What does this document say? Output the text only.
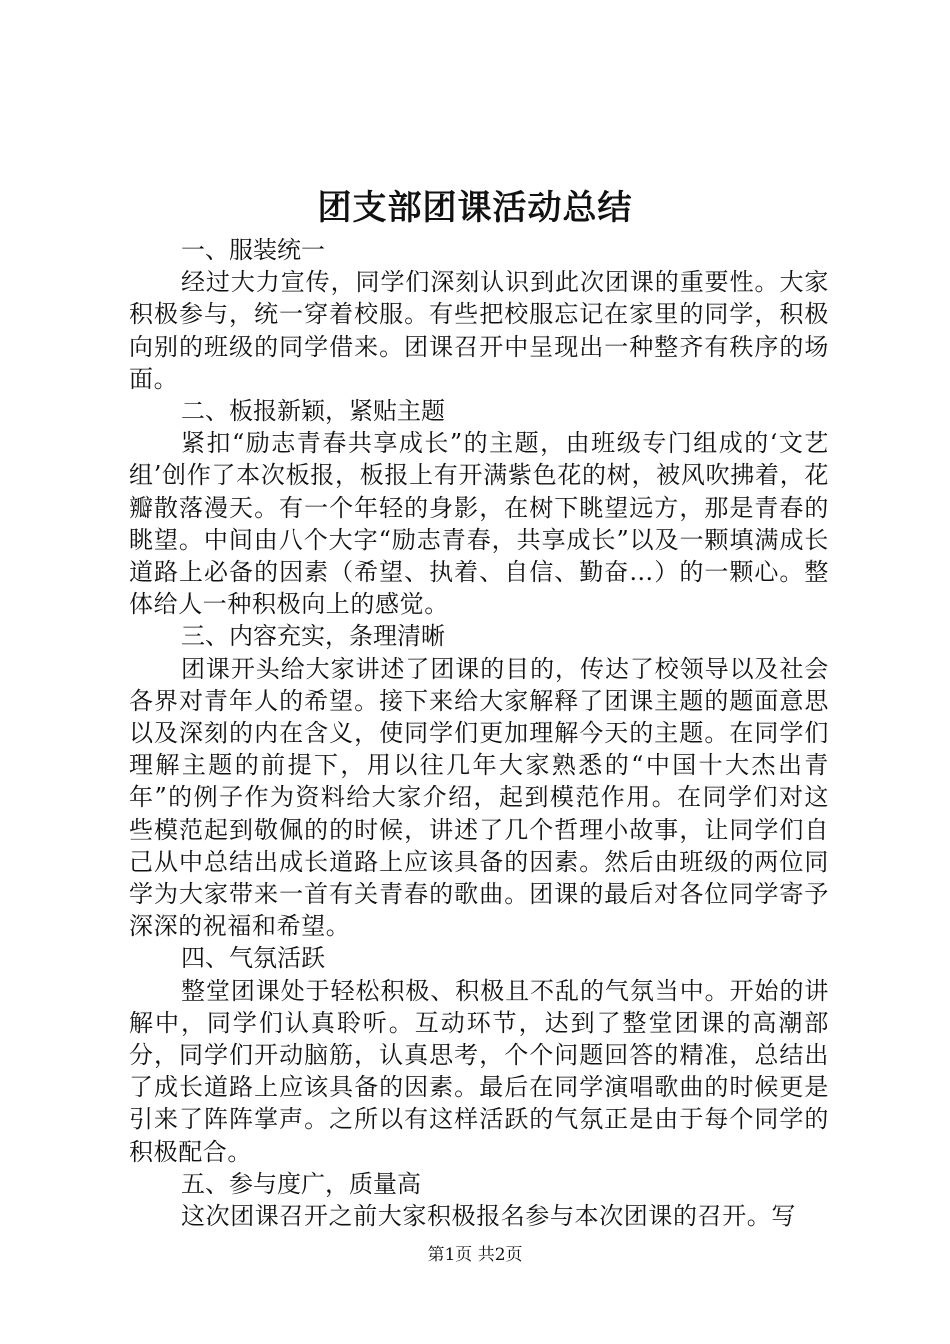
团支部团课活动总结

一、服装统一

经过大力宣传，同学们深刻认识到此次团课的重要性。大家积极参与，统一穿着校服。有些把校服忘记在家里的同学，积极向别的班级的同学借来。团课召开中呈现出一种整齐有秩序的场面。

二、板报新颖，紧贴主题

紧扣“励志青春共享成长”的主题，由班级专门组成的‘文艺组’创作了本次板报，板报上有开满紫色花的树，被风吹拂着，花瓣散落漫天。有一个年轻的身影，在树下眺望远方，那是青春的眺望。中间由八个大字“励志青春，共享成长”以及一颗填满成长道路上必备的因素（希望、执着、自信、勤奋…）的一颗心。整体给人一种积极向上的感觉。

三、内容充实，条理清晰

团课开头给大家讲述了团课的目的，传达了校领导以及社会各界对青年人的希望。接下来给大家解释了团课主题的题面意思以及深刻的内在含义，使同学们更加理解今天的主题。在同学们理解主题的前提下，用以往几年大家熟悉的“中国十大杰出青年”的例子作为资料给大家介绍，起到模范作用。在同学们对这些模范起到敬佩的的时候，讲述了几个哲理小故事，让同学们自己从中总结出成长道路上应该具备的因素。然后由班级的两位同学为大家带来一首有关青春的歌曲。团课的最后对各位同学寄予深深的祝福和希望。

四、气氛活跃

整堂团课处于轻松积极、积极且不乱的气氛当中。开始的讲解中，同学们认真聆听。互动环节，达到了整堂团课的高潮部分，同学们开动脑筋，认真思考，个个问题回答的精准，总结出了成长道路上应该具备的因素。最后在同学演唱歌曲的时候更是引来了阵阵掌声。之所以有这样活跃的气氛正是由于每个同学的积极配合。

五、参与度广，质量高

这次团课召开之前大家积极报名参与本次团课的召开。写

第1页 共2页
